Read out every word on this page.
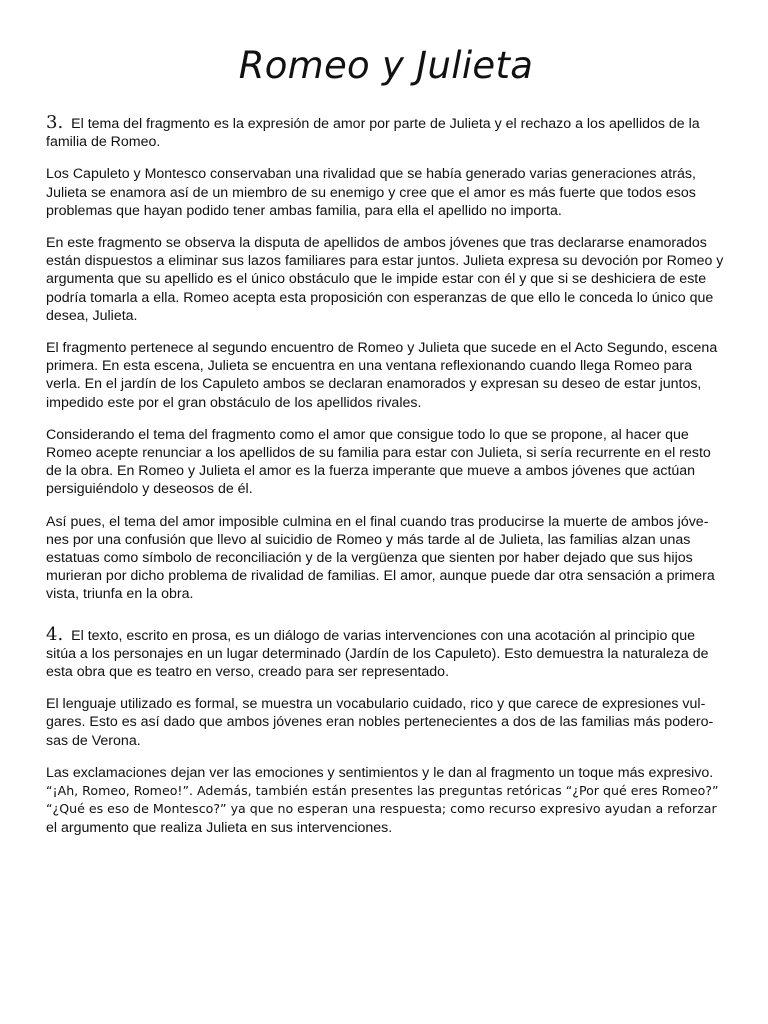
Romeo y Julieta

3. El tema del fragmento es la expresión de amor por parte de Julieta y el rechazo a los apellidos de la familia de Romeo.

Los Capuleto y Montesco conservaban una rivalidad que se había generado varias generaciones atrás, Julieta se enamora así de un miembro de su enemigo y cree que el amor es más fuerte que todos esos problemas que hayan podido tener ambas familia, para ella el apellido no importa.

En este fragmento se observa la disputa de apellidos de ambos jóvenes que tras declararse enamorados están dispuestos a eliminar sus lazos familiares para estar juntos. Julieta expresa su devoción por Romeo y argumenta que su apellido es el único obstáculo que le impide estar con él y que si se deshiciera de este podría tomarla a ella. Romeo acepta esta proposición con esperanzas de que ello le conceda lo único que desea, Julieta.

El fragmento pertenece al segundo encuentro de Romeo y Julieta que sucede en el Acto Segundo, escena primera. En esta escena, Julieta se encuentra en una ventana reflexionando cuando llega Romeo para verla. En el jardín de los Capuleto ambos se declaran enamorados y expresan su deseo de estar juntos, impedido este por el gran obstáculo de los apellidos rivales.

Considerando el tema del fragmento como el amor que consigue todo lo que se propone, al hacer que Romeo acepte renunciar a los apellidos de su familia para estar con Julieta, si sería recurrente en el resto de la obra. En Romeo y Julieta el amor es la fuerza imperante que mueve a ambos jóvenes que actúan persiguiéndolo y deseosos de él.

Así pues, el tema del amor imposible culmina en el final cuando tras producirse la muerte de ambos jóve- nes por una confusión que llevo al suicidio de Romeo y más tarde al de Julieta, las familias alzan unas estatuas como símbolo de reconciliación y de la vergüenza que sienten por haber dejado que sus hijos murieran por dicho problema de rivalidad de familias. El amor, aunque puede dar otra sensación a primera vista, triunfa en la obra.

4. El texto, escrito en prosa, es un diálogo de varias intervenciones con una acotación al principio que sitúa a los personajes en un lugar determinado (Jardín de los Capuleto). Esto demuestra la naturaleza de esta obra que es teatro en verso, creado para ser representado.

El lenguaje utilizado es formal, se muestra un vocabulario cuidado, rico y que carece de expresiones vul- gares. Esto es así dado que ambos jóvenes eran nobles pertenecientes a dos de las familias más podero- sas de Verona.

Las exclamaciones dejan ver las emociones y sentimientos y le dan al fragmento un toque más expresivo. “¡Ah, Romeo, Romeo!”. Además, también están presentes las preguntas retóricas “¿Por qué eres Romeo?” “¿Qué es eso de Montesco?” ya que no esperan una respuesta; como recurso expresivo ayudan a reforzar el argumento que realiza Julieta en sus intervenciones.
